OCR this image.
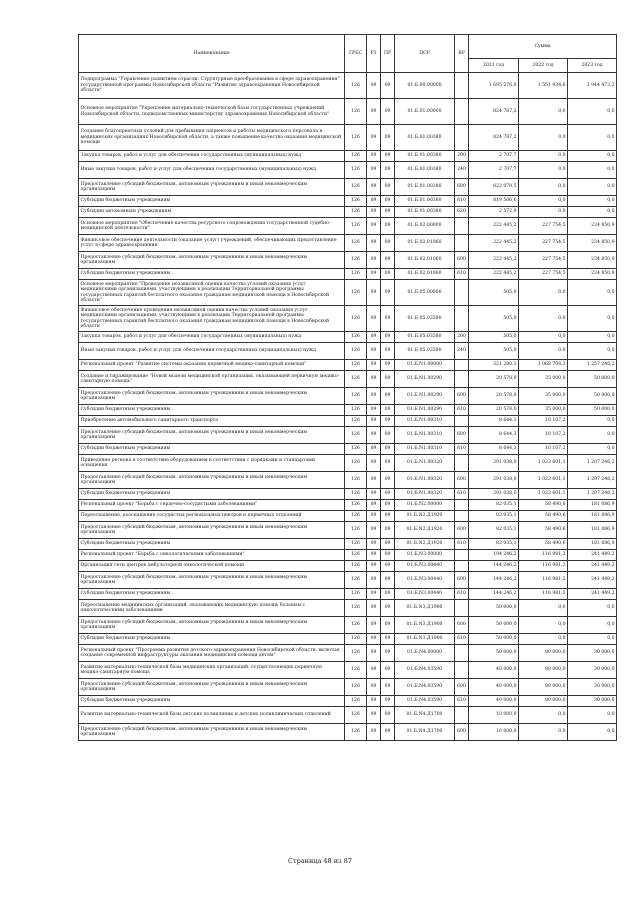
Наименование	ГРБС	РЗ	ПР	ЦСР	ВР	Сумма		
						2021 год	2022 год	2023 год
Подпрограмма "Управление развитием отрасли. Структурные преобразования в сфере здравоохранения" государственной программы Новосибирской области "Развитие здравоохранения Новосибирской области"	126	09	09	01.Б.00.00000		1 695 276,0	1 551 934,6	1 944 473,2
Основное мероприятие "Укрепление материально-технической базы государственных учреждений Новосибирской области, подведомственных министерству здравоохранения Новосибирской области"	126	09	09	01.Б.01.00000		824 787,2	0,0	0,0
Создание благоприятных условий для пребывания пациентов и работы медицинского персонала в медицинских организациях Новосибирской области, а также повышение качества оказания медицинской помощи	126	09	09	01.Б.01.00380		824 787,2	0,0	0,0
Закупка товаров, работ и услуг для обеспечения государственных (муниципальных) нужд	126	09	09	01.Б.01.00380	200	2 707,7	0,0	0,0
Иные закупки товаров, работ и услуг для обеспечения государственных (муниципальных) нужд	126	09	09	01.Б.01.00380	240	2 707,7	0,0	0,0
Предоставление субсидий бюджетным, автономным учреждениям и иным некоммерческим организациям	126	09	09	01.Б.01.00380	600	822 079,5	0,0	0,0
Субсидии бюджетным учреждениям	126	09	09	01.Б.01.00380	610	819 506,6	0,0	0,0
Субсидии автономным учреждениям	126	09	09	01.Б.01.00380	620	2 572,9	0,0	0,0
Основное мероприятие "Обеспечение качества ресурсного сопровождения государственной судебно-медицинской деятельности"	126	09	09	01.Б.02.00000		222 445,2	227 754,5	234 850,9
Финансовое обеспечение деятельности (оказание услуг) учреждений, обеспечивающих предоставление услуг в сфере здравоохранения	126	09	09	01.Б.02.01060		222 445,2	227 754,5	234 850,9
Предоставление субсидий бюджетным, автономным учреждениям и иным некоммерческим организациям	126	09	09	01.Б.02.01060	600	222 445,2	227 754,5	234 850,9
Субсидии бюджетным учреждениям	126	09	09	01.Б.02.01060	610	222 445,2	227 754,5	234 850,9
Основное мероприятие "Проведение независимой оценки качества условий оказания услуг медицинскими организациями, участвующими в реализации Территориальной программы государственных гарантий бесплатного оказания гражданам медицинской помощи в Новосибирской области"	126	09	09	01.Б.05.00000		505,0	0,0	0,0
Финансовое обеспечение проведения независимой оценки качества условий оказания услуг медицинскими организациями, участвующими в реализации Территориальной программы государственных гарантий бесплатного оказания гражданам медицинской помощи в Новосибирской области	126	09	09	01.Б.05.03580		505,0	0,0	0,0
Закупка товаров, работ и услуг для обеспечения государственных (муниципальных) нужд	126	09	09	01.Б.05.03580	200	505,0	0,0	0,0
Иные закупки товаров, работ и услуг для обеспечения государственных (муниципальных) нужд	126	09	09	01.Б.05.03580	240	505,0	0,0	0,0
Региональный проект "Развитие системы оказания первичной медико-санитарной помощи"	126	09	09	01.Б.N1.00000		321 280,3	1 068 708,3	1 257 246,2
Создание и тиражирование "Новой модели медицинской организации, оказывающей первичную медико-санитарную помощь"	126	09	09	01.Б.N1.00290		20 578,0	35 000,0	50 000,0
Предоставление субсидий бюджетным, автономным учреждениям и иным некоммерческим организациям	126	09	09	01.Б.N1.00290	600	20 578,0	35 000,0	50 000,0
Субсидии бюджетным учреждениям	126	09	09	01.Б.N1.00290	610	20 578,0	35 000,0	50 000,0
Приобретение автомобильного санитарного транспорта	126	09	09	01.Б.N1.00310		8 644,3	10 107,2	0,0
Предоставление субсидий бюджетным, автономным учреждениям и иным некоммерческим организациям	126	09	09	01.Б.N1.00310	600	8 644,3	10 107,2	0,0
Субсидии бюджетным учреждениям	126	09	09	01.Б.N1.00310	610	8 644,3	10 107,2	0,0
Приведение региона в соответствие оборудованием в соответствии с порядками и стандартами оснащения	126	09	09	01.Б.N1.00320		291 038,0	1 023 601,1	1 207 246,2
Предоставление субсидий бюджетным, автономным учреждениям и иным некоммерческим организациям	126	09	09	01.Б.N1.00320	600	291 038,0	1 023 601,1	1 207 246,2
Субсидии бюджетным учреждениям	126	09	09	01.Б.N1.00320	610	291 038,0	1 023 601,1	1 207 246,2
Региональный проект "Борьба с сердечно-сосудистыми заболеваниями"	126	09	09	01.Б.N2.00000		82 035,1	58 490,6	181 086,9
Переоснащение, дооснащение сосудистых региональных центров и первичных отделений	126	09	09	01.Б.N2.Д1920		82 035,1	58 490,6	181 086,9
Предоставление субсидий бюджетным, автономным учреждениям и иным некоммерческим организациям	126	09	09	01.Б.N2.Д1920	600	82 035,1	58 490,6	181 086,9
Субсидии бюджетным учреждениям	126	09	09	01.Б.N2.Д1920	610	82 035,1	58 490,6	181 086,9
Региональный проект "Борьба с онкологическими заболеваниями"	126	09	09	01.Б.N3.00000		194 246,2	116 981,2	241 449,2
Организация сети центров амбулаторной онкологической помощи	126	09	09	01.Б.N3.00440		144 246,2	116 981,2	241 449,2
Предоставление субсидий бюджетным, автономным учреждениям и иным некоммерческим организациям	126	09	09	01.Б.N3.00440	600	144 246,2	116 981,2	241 449,2
Субсидии бюджетным учреждениям	126	09	09	01.Б.N3.00440	610	144 246,2	116 981,2	241 449,2
Переоснащение медицинских организаций, оказывающих медицинскую помощь больным с онкологическими заболеваниями	126	09	09	01.Б.N3.Д1900		50 000,0	0,0	0,0
Предоставление субсидий бюджетным, автономным учреждениям и иным некоммерческим организациям	126	09	09	01.Б.N3.Д1900	600	50 000,0	0,0	0,0
Субсидии бюджетным учреждениям	126	09	09	01.Б.N3.Д1900	610	50 000,0	0,0	0,0
Региональный проект "Программа развития детского здравоохранения Новосибирской области, включая создание современной инфраструктуры оказания медицинской помощи детям"	126	09	09	01.Б.N4.00000		50 000,0	80 000,0	30 000,0
Развитие материально-технической базы медицинских организаций, осуществляющих первичную медико-санитарную помощь	126	09	09	01.Б.N4.03590		40 000,0	80 000,0	30 000,0
Предоставление субсидий бюджетным, автономным учреждениям и иным некоммерческим организациям	126	09	09	01.Б.N4.03590	600	40 000,0	80 000,0	30 000,0
Субсидии бюджетным учреждениям	126	09	09	01.Б.N4.03590	610	40 000,0	80 000,0	30 000,0
Развитие материально-технической базы детских поликлиник и детских поликлинических отделений	126	09	09	01.Б.N4.Д1700		10 000,0	0,0	0,0
Предоставление субсидий бюджетным, автономным учреждениям и иным некоммерческим организациям	126	09	09	01.Б.N4.Д1700	600	10 000,0	0,0	0,0
Страница 48 из 87
